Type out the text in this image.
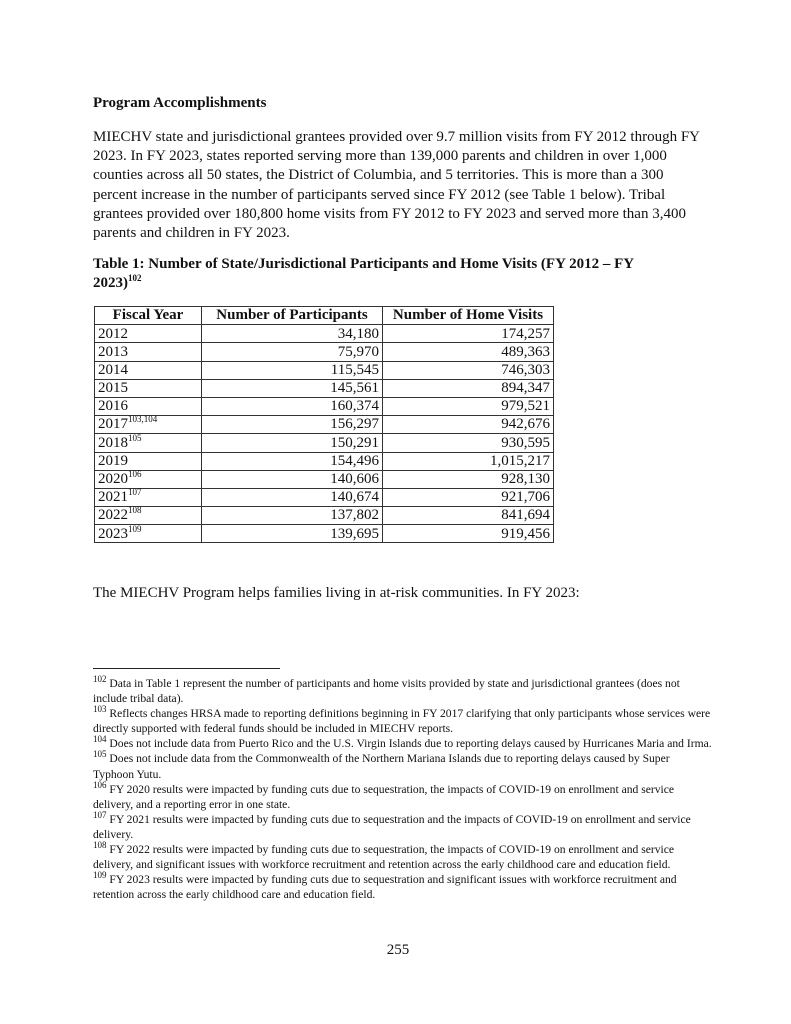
Program Accomplishments

MIECHV state and jurisdictional grantees provided over 9.7 million visits from FY 2012 through FY 2023. In FY 2023, states reported serving more than 139,000 parents and children in over 1,000 counties across all 50 states, the District of Columbia, and 5 territories. This is more than a 300 percent increase in the number of participants served since FY 2012 (see Table 1 below). Tribal grantees provided over 180,800 home visits from FY 2012 to FY 2023 and served more than 3,400 parents and children in FY 2023.

Table 1: Number of State/Jurisdictional Participants and Home Visits (FY 2012 – FY 2023)$^{102}$

Fiscal Year	Number of Participants	Number of Home Visits
2012	34,180	174,257
2013	75,970	489,363
2014	115,545	746,303
2015	145,561	894,347
2016	160,374	979,521
2017$^{103,104}$	156,297	942,676
2018$^{105}$	150,291	930,595
2019	154,496	1,015,217
2020$^{106}$	140,606	928,130
2021$^{107}$	140,674	921,706
2022$^{108}$	137,802	841,694
2023$^{109}$	139,695	919,456

The MIECHV Program helps families living in at-risk communities. In FY 2023:

$^{102}$ Data in Table 1 represent the number of participants and home visits provided by state and jurisdictional grantees (does not include tribal data).

$^{103}$ Reflects changes HRSA made to reporting definitions beginning in FY 2017 clarifying that only participants whose services were directly supported with federal funds should be included in MIECHV reports.

$^{104}$ Does not include data from Puerto Rico and the U.S. Virgin Islands due to reporting delays caused by Hurricanes Maria and Irma.

$^{105}$ Does not include data from the Commonwealth of the Northern Mariana Islands due to reporting delays caused by Super Typhoon Yutu.

$^{106}$ FY 2020 results were impacted by funding cuts due to sequestration, the impacts of COVID-19 on enrollment and service delivery, and a reporting error in one state.

$^{107}$ FY 2021 results were impacted by funding cuts due to sequestration and the impacts of COVID-19 on enrollment and service delivery.

$^{108}$ FY 2022 results were impacted by funding cuts due to sequestration, the impacts of COVID-19 on enrollment and service delivery, and significant issues with workforce recruitment and retention across the early childhood care and education field.

$^{109}$ FY 2023 results were impacted by funding cuts due to sequestration and significant issues with workforce recruitment and retention across the early childhood care and education field.

255
